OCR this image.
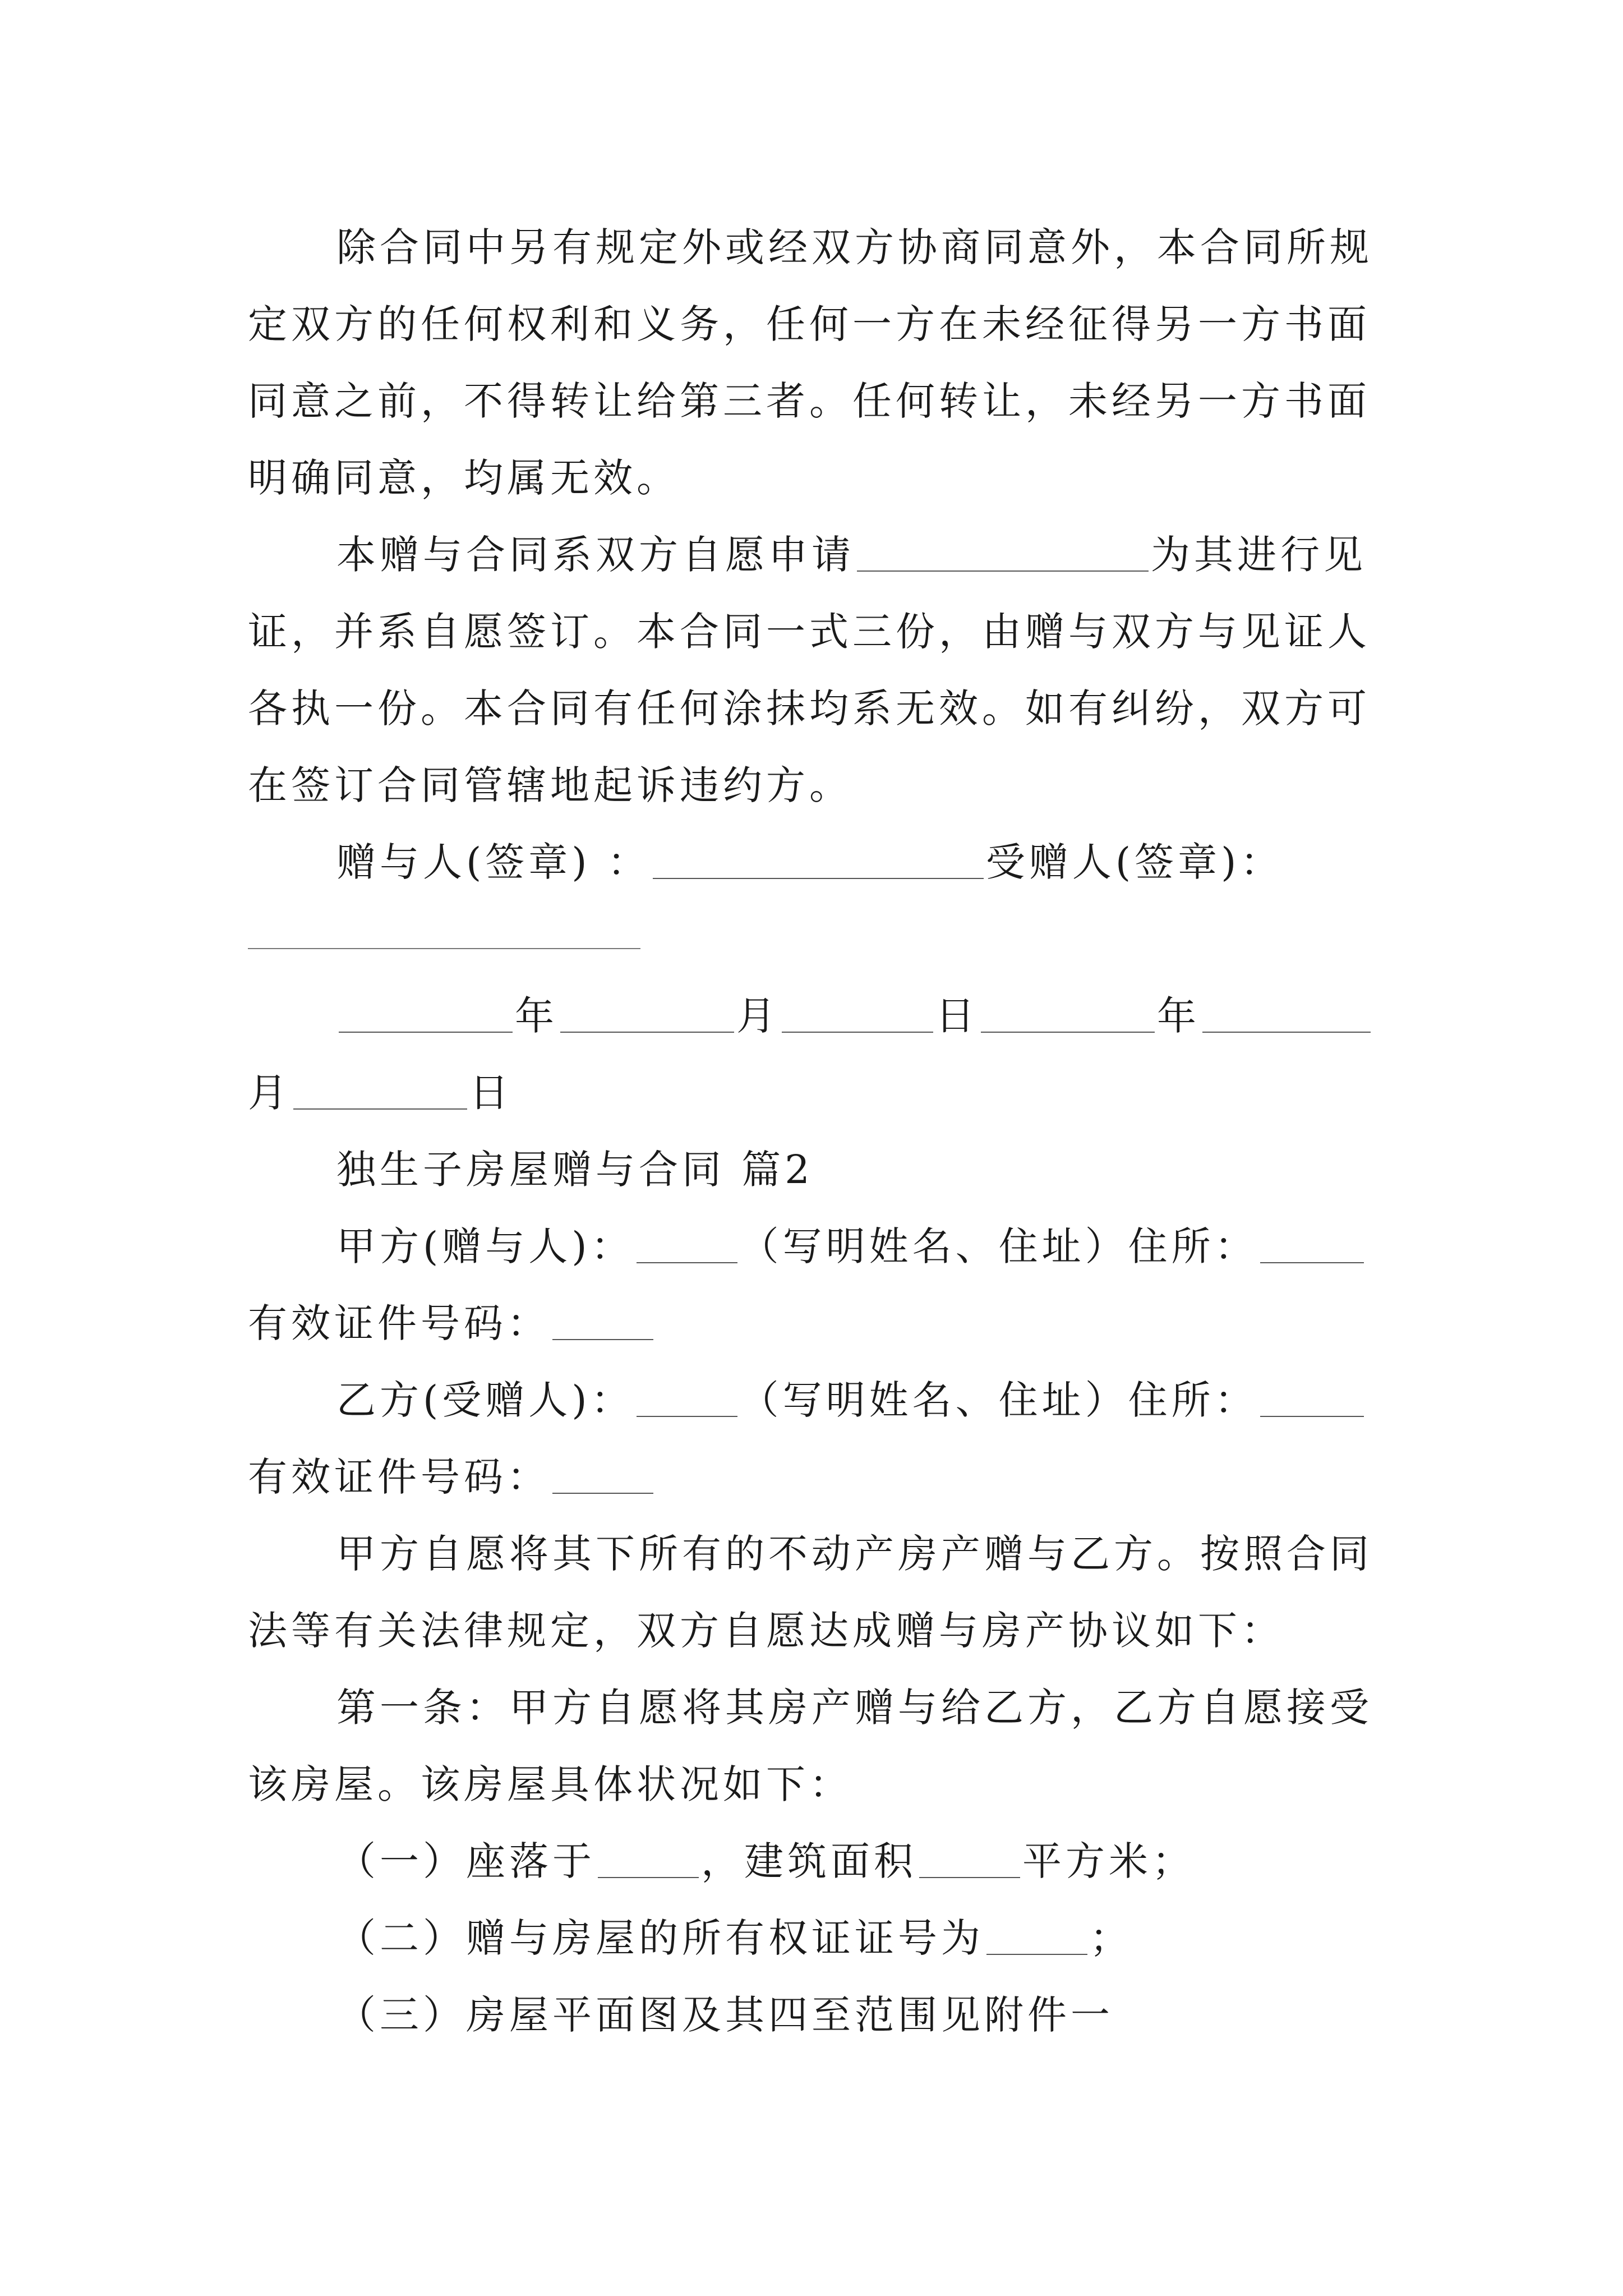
除合同中另有规定外或经双方协商同意外，本合同所规
定双方的任何权利和义务，任何一方在未经征得另一方书面
同意之前，不得转让给第三者。任何转让，未经另一方书面
明确同意，均属无效。
本赠与合同系双方自愿申请	为其进行见
证，并系自愿签订。本合同一式三份，由赠与双方与见证人
各执一份。本合同有任何涂抹均系无效。如有纠纷，双方可
在签订合同管辖地起诉违约方。
赠与人(签章) ：	受赠人(签章)：
年	月	日	年
月	日
独生子房屋赠与合同 篇2
甲方(赠与人)：	（写明姓名、住址）住所：
有效证件号码：
乙方(受赠人)：	（写明姓名、住址）住所：
有效证件号码：
甲方自愿将其下所有的不动产房产赠与乙方。按照合同
法等有关法律规定，双方自愿达成赠与房产协议如下：
第一条：甲方自愿将其房产赠与给乙方，乙方自愿接受
该房屋。该房屋具体状况如下：
（一）座落于	，建筑面积	平方米；
（二）赠与房屋的所有权证证号为	；
（三）房屋平面图及其四至范围见附件一
